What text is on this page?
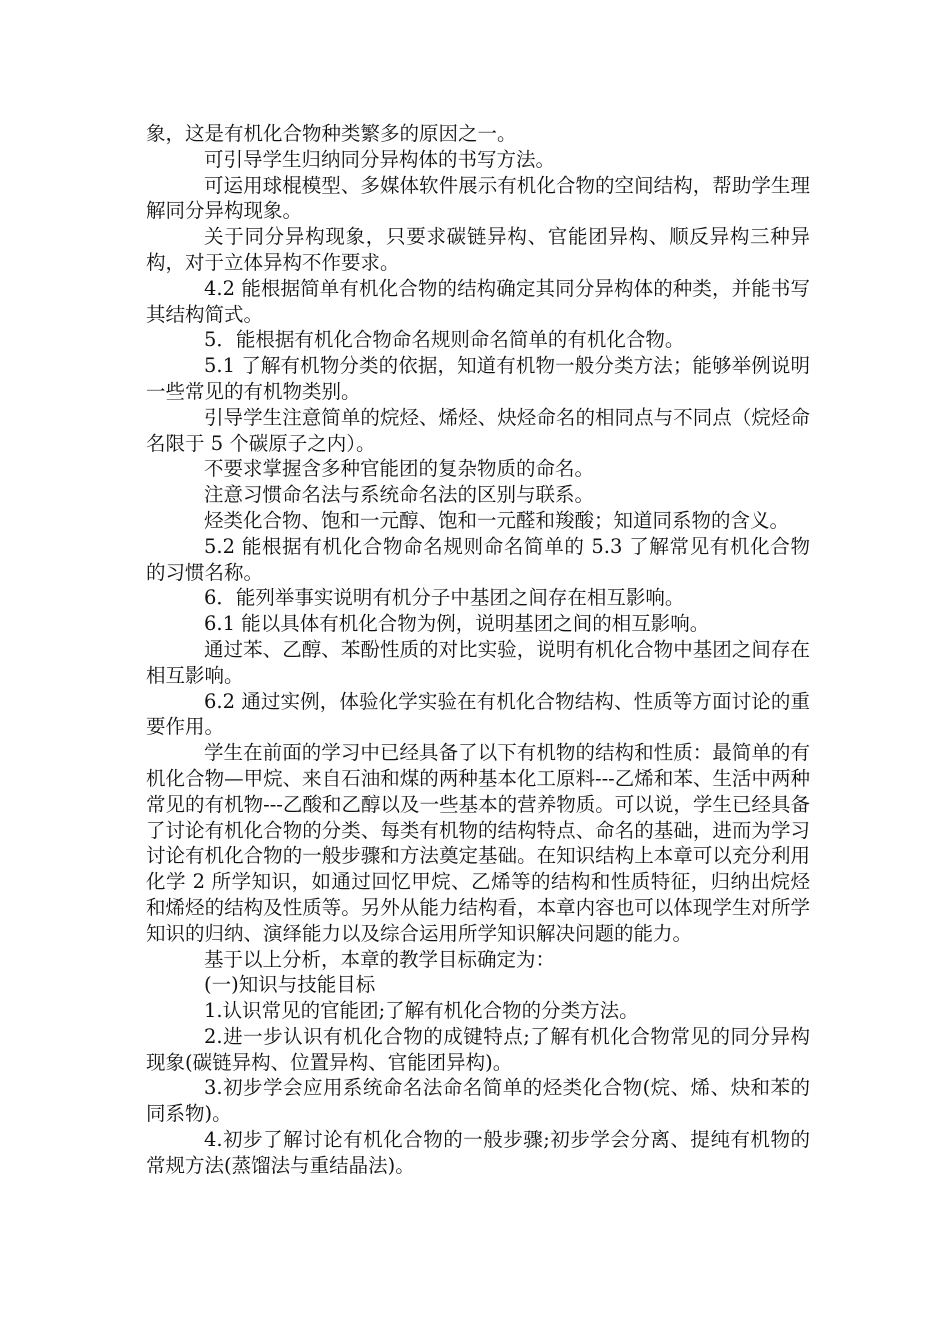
象，这是有机化合物种类繁多的原因之一。

可引导学生归纳同分异构体的书写方法。

可运用球棍模型、多媒体软件展示有机化合物的空间结构，帮助学生理解同分异构现象。

关于同分异构现象，只要求碳链异构、官能团异构、顺反异构三种异构，对于立体异构不作要求。

4.2 能根据简单有机化合物的结构确定其同分异构体的种类，并能书写其结构简式。

5．能根据有机化合物命名规则命名简单的有机化合物。

5.1 了解有机物分类的依据，知道有机物一般分类方法；能够举例说明一些常见的有机物类别。

引导学生注意简单的烷烃、烯烃、炔烃命名的相同点与不同点（烷烃命名限于 5 个碳原子之内）。

不要求掌握含多种官能团的复杂物质的命名。

注意习惯命名法与系统命名法的区别与联系。

烃类化合物、饱和一元醇、饱和一元醛和羧酸；知道同系物的含义。

5.2 能根据有机化合物命名规则命名简单的 5.3 了解常见有机化合物的习惯名称。

6．能列举事实说明有机分子中基团之间存在相互影响。

6.1 能以具体有机化合物为例，说明基团之间的相互影响。

通过苯、乙醇、苯酚性质的对比实验，说明有机化合物中基团之间存在相互影响。

6.2 通过实例，体验化学实验在有机化合物结构、性质等方面讨论的重要作用。

学生在前面的学习中已经具备了以下有机物的结构和性质：最简单的有机化合物—甲烷、来自石油和煤的两种基本化工原料---乙烯和苯、生活中两种常见的有机物---乙酸和乙醇以及一些基本的营养物质。可以说，学生已经具备了讨论有机化合物的分类、每类有机物的结构特点、命名的基础，进而为学习讨论有机化合物的一般步骤和方法奠定基础。在知识结构上本章可以充分利用化学 2 所学知识，如通过回忆甲烷、乙烯等的结构和性质特征，归纳出烷烃和烯烃的结构及性质等。另外从能力结构看，本章内容也可以体现学生对所学知识的归纳、演绎能力以及综合运用所学知识解决问题的能力。

基于以上分析，本章的教学目标确定为：

(一)知识与技能目标

1.认识常见的官能团;了解有机化合物的分类方法。

2.进一步认识有机化合物的成键特点;了解有机化合物常见的同分异构现象(碳链异构、位置异构、官能团异构)。

3.初步学会应用系统命名法命名简单的烃类化合物(烷、烯、炔和苯的同系物)。

4.初步了解讨论有机化合物的一般步骤;初步学会分离、提纯有机物的常规方法(蒸馏法与重结晶法)。
